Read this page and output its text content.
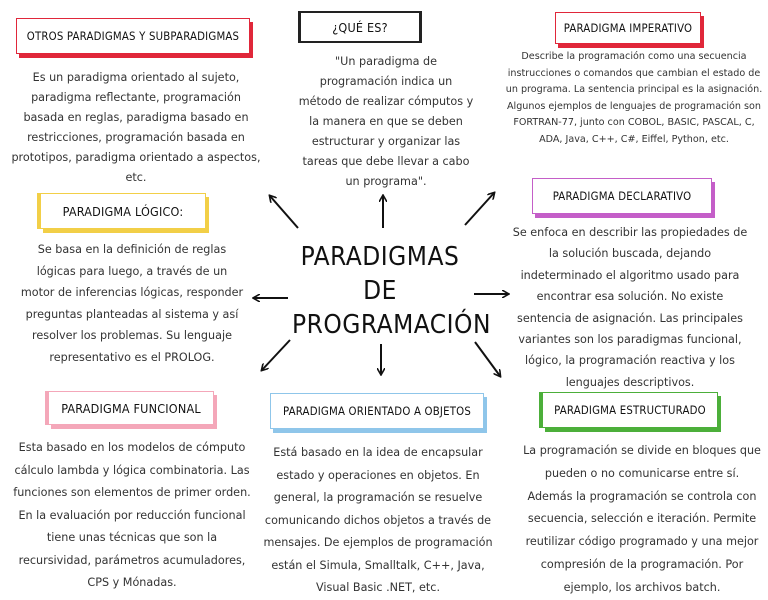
PARADIGMAS DE
PROGRAMACIÓN
OTROS PARADIGMAS Y SUBPARADIGMAS
Es un paradigma orientado al sujeto, paradigma reflectante, programación basada en reglas, paradigma basado en restricciones, programación basada en prototipos, paradigma orientado a aspectos, etc.
¿QUÉ ES?
"Un paradigma de programación indica un método de realizar cómputos y la manera en que se deben estructurar y organizar las tareas que debe llevar a cabo un programa".
PARADIGMA IMPERATIVO
Describe la programación como una secuencia instrucciones o comandos que cambian el estado de un programa. La sentencia principal es la asignación. Algunos ejemplos de lenguajes de programación son FORTRAN-77, junto con COBOL, BASIC, PASCAL, C, ADA, Java, C++, C#, Eiffel, Python, etc.
PARADIGMA LÓGICO:
Se basa en la definición de reglas lógicas para luego, a través de un motor de inferencias lógicas, responder preguntas planteadas al sistema y así resolver los problemas. Su lenguaje representativo es el PROLOG.
PARADIGMA DECLARATIVO
Se enfoca en describir las propiedades de la solución buscada, dejando indeterminado el algoritmo usado para encontrar esa solución. No existe sentencia de asignación. Las principales variantes son los paradigmas funcional, lógico, la programación reactiva y los lenguajes descriptivos.
PARADIGMA FUNCIONAL
Esta basado en los modelos de cómputo cálculo lambda y lógica combinatoria. Las funciones son elementos de primer orden. En la evaluación por reducción funcional tiene unas técnicas que son la recursividad, parámetros acumuladores, CPS y Mónadas.
PARADIGMA ORIENTADO A OBJETOS
Está basado en la idea de encapsular estado y operaciones en objetos. En general, la programación se resuelve comunicando dichos objetos a través de mensajes. De ejemplos de programación están el Simula, Smalltalk, C++, Java, Visual Basic .NET, etc.
PARADIGMA ESTRUCTURADO
La programación se divide en bloques que pueden o no comunicarse entre sí. Además la programación se controla con secuencia, selección e iteración. Permite reutilizar código programado y una mejor compresión de la programación. Por ejemplo, los archivos batch.
